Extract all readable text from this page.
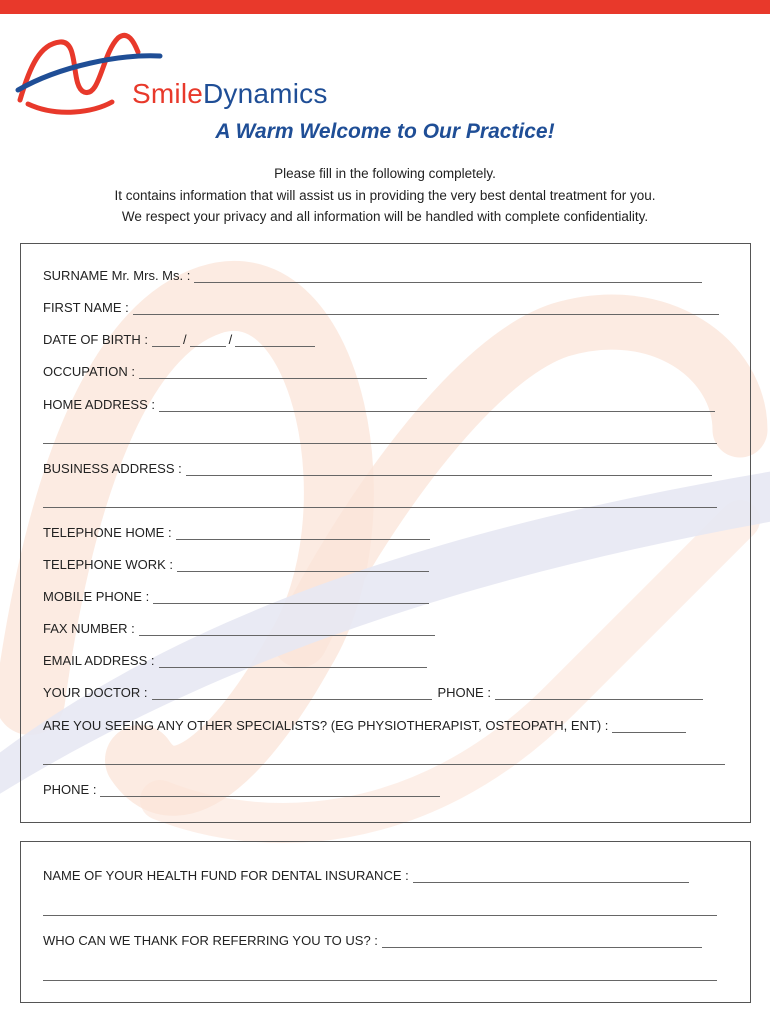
SmileDynamics
A Warm Welcome to Our Practice!
Please fill in the following completely.
It contains information that will assist us in providing the very best dental treatment for you.
We respect your privacy and all information will be handled with complete confidentiality.
SURNAME Mr. Mrs. Ms. :
FIRST NAME :
DATE OF BIRTH :	/	/
OCCUPATION :
HOME ADDRESS :
BUSINESS ADDRESS :
TELEPHONE HOME :
TELEPHONE WORK :
MOBILE PHONE :
FAX NUMBER :
EMAIL ADDRESS :
YOUR DOCTOR :	PHONE :
ARE YOU SEEING ANY OTHER SPECIALISTS? (EG PHYSIOTHERAPIST, OSTEOPATH, ENT) :
PHONE :
NAME OF YOUR HEALTH FUND FOR DENTAL INSURANCE :
WHO CAN WE THANK FOR REFERRING YOU TO US? :
